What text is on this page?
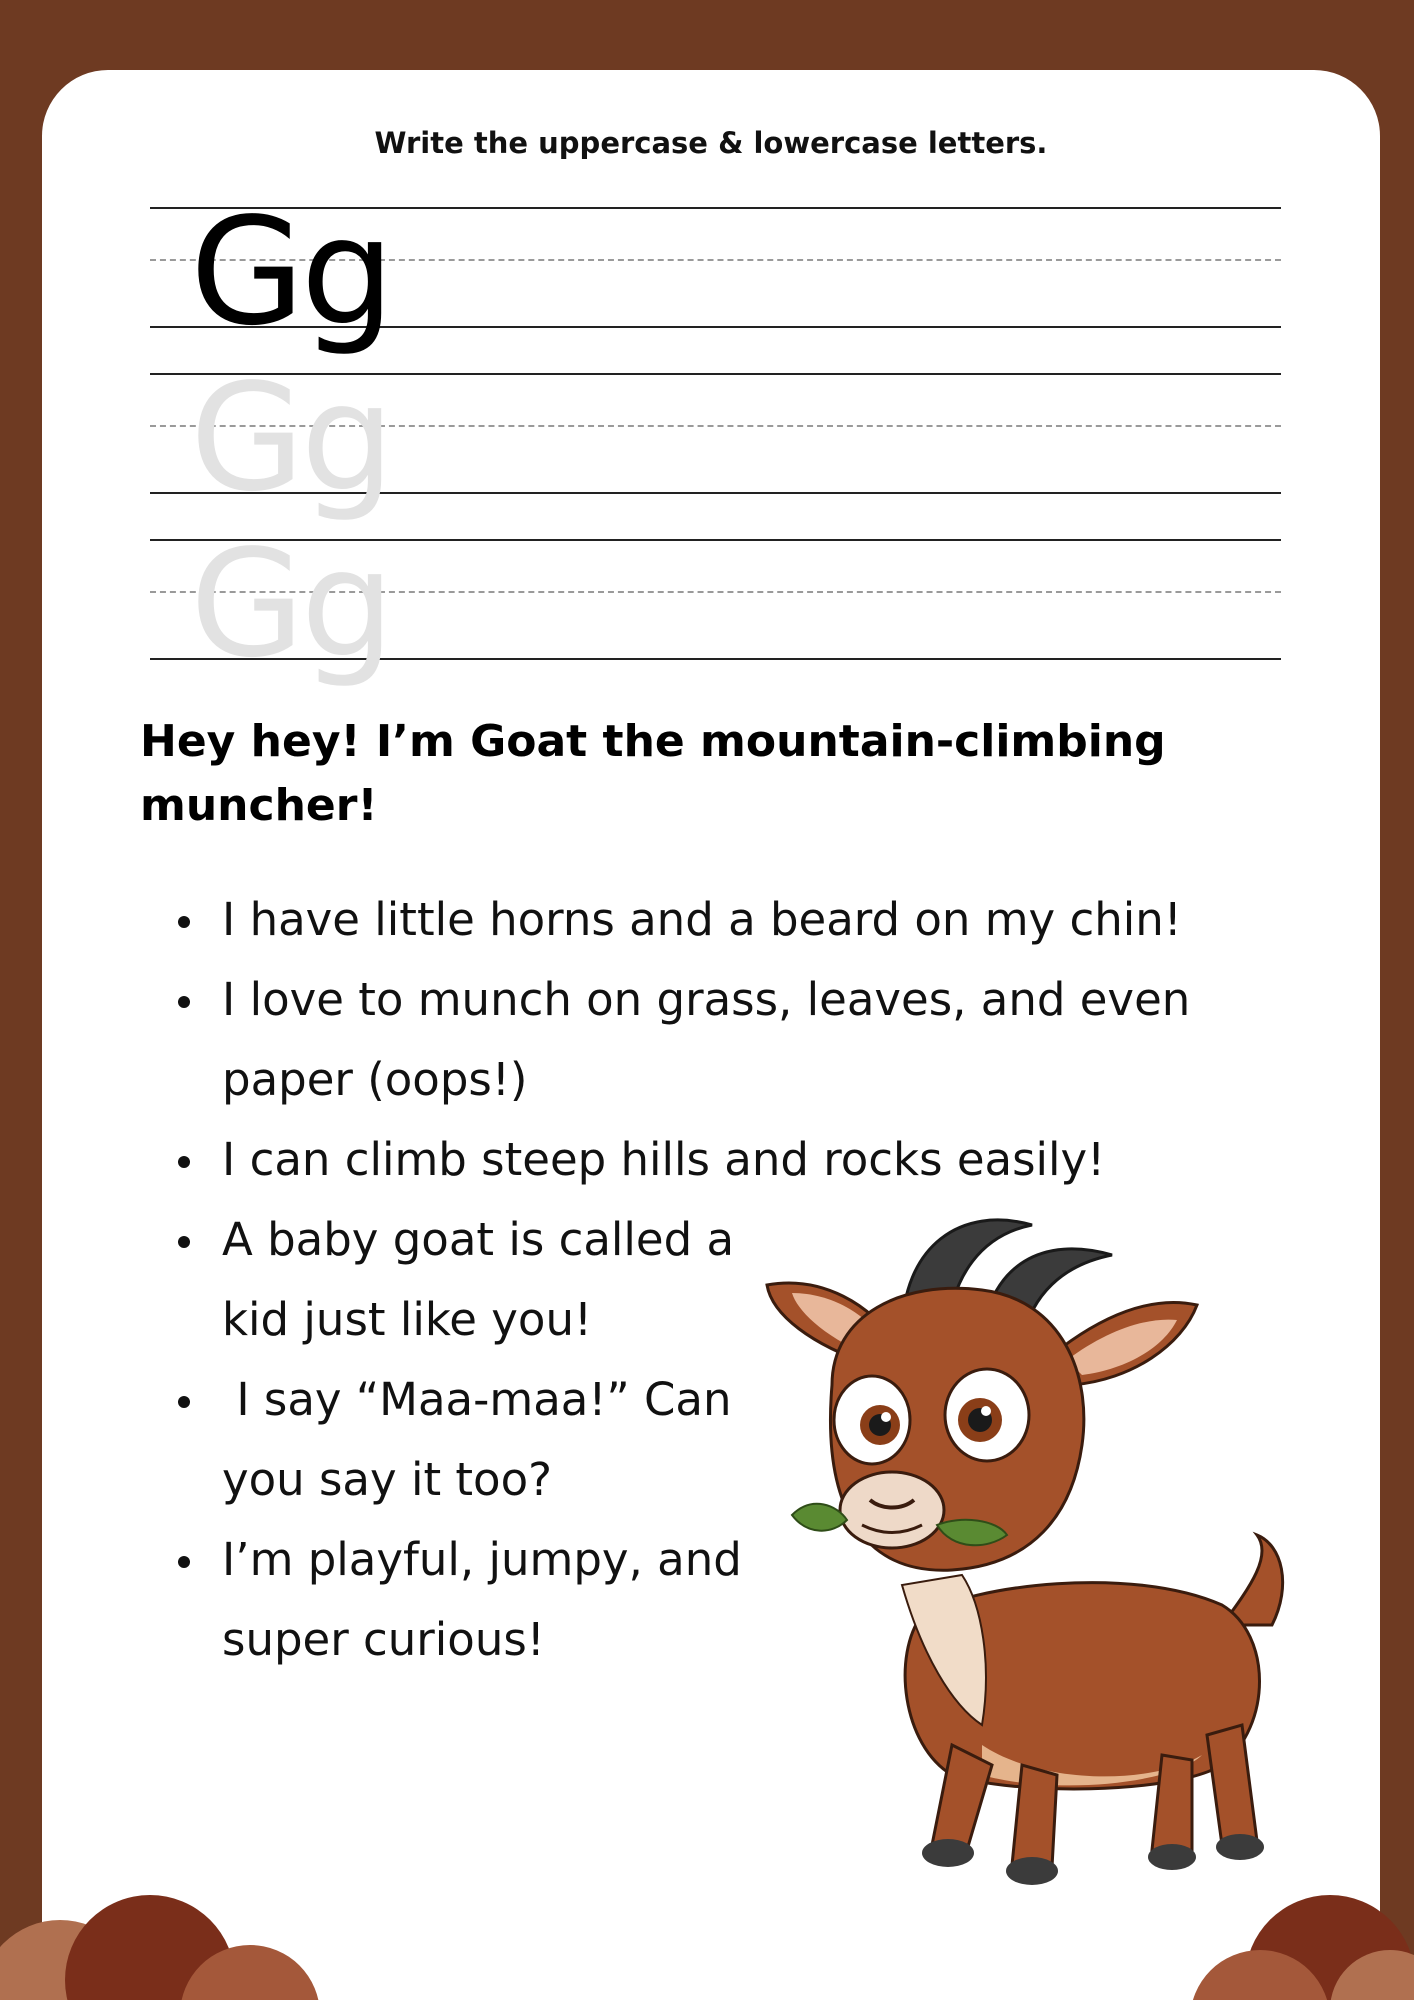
Write the uppercase & lowercase letters.
Gg
Gg
Gg
Hey hey! I’m Goat the mountain-climbing muncher!
I have little horns and a beard on my chin!
I love to munch on grass, leaves, and even paper (oops!)
I can climb steep hills and rocks easily!
A baby goat is called a kid just like you!
I say “Maa-maa!” Can you say it too?
I’m playful, jumpy, and super curious!
